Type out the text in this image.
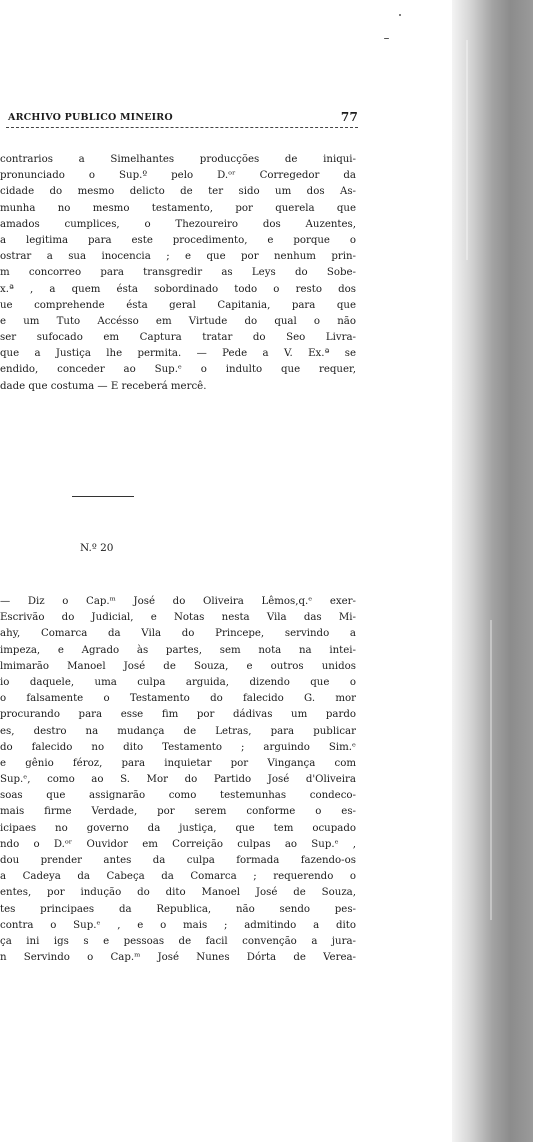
ARCHIVO PUBLICO MINEIRO	77
contrarios a Simelhantes producções de iniqui-
pronunciado o Sup.º pelo D.ᵒʳ Corregedor da
cidade do mesmo delicto de ter sido um dos As-
munha no mesmo testamento, por querela que
amados cumplices, o Thezoureiro dos Auzentes,
a legitima para este procedimento, e porque o
ostrar a sua inocencia ; e que por nenhum prin-
m concorreo para transgredir as Leys do Sobe-
x.ª , a quem ésta sobordinado todo o resto dos
ue comprehende ésta geral Capitania, para que
e um Tuto Accésso em Virtude do qual o não
ser sufocado em Captura tratar do Seo Livra-
que a Justiça lhe permita. — Pede a V. Ex.ª se
endido, conceder ao Sup.ᵉ o indulto que requer,
dade que costuma — E receberá mercê.
N.º 20
— Diz o Cap.ᵐ José do Oliveira Lêmos,q.ᵉ exer-
Escrivão do Judicial, e Notas nesta Vila das Mi-
ahy, Comarca da Vila do Princepe, servindo a
impeza, e Agrado às partes, sem nota na intei-
lmimarão Manoel José de Souza, e outros unidos
io daquele, uma culpa arguida, dizendo que o
o falsamente o Testamento do falecido G. mor
procurando para esse fim por dádivas um pardo
es, destro na mudança de Letras, para publicar
do falecido no dito Testamento ; arguindo Sim.ᵉ
e gênio féroz, para inquietar por Vingança com
Sup.ᵉ, como ao S. Mor do Partido José d'Oliveira
soas que assignarão como testemunhas condeco-
mais firme Verdade, por serem conforme o es-
icipaes no governo da justiça, que tem ocupado
ndo o D.ᵒʳ Ouvidor em Correição culpas ao Sup.ᵉ ,
dou prender antes da culpa formada fazendo-os
a Cadeya da Cabeça da Comarca ; requerendo o
entes, por indução do dito Manoel José de Souza,
tes principaes da Republica, não sendo pes-
contra o Sup.ᵉ , e o mais ; admitindo a dito
ça ini igs s e pessoas de facil convenção a jura-
n Servindo o Cap.ᵐ José Nunes Dórta de Verea-
